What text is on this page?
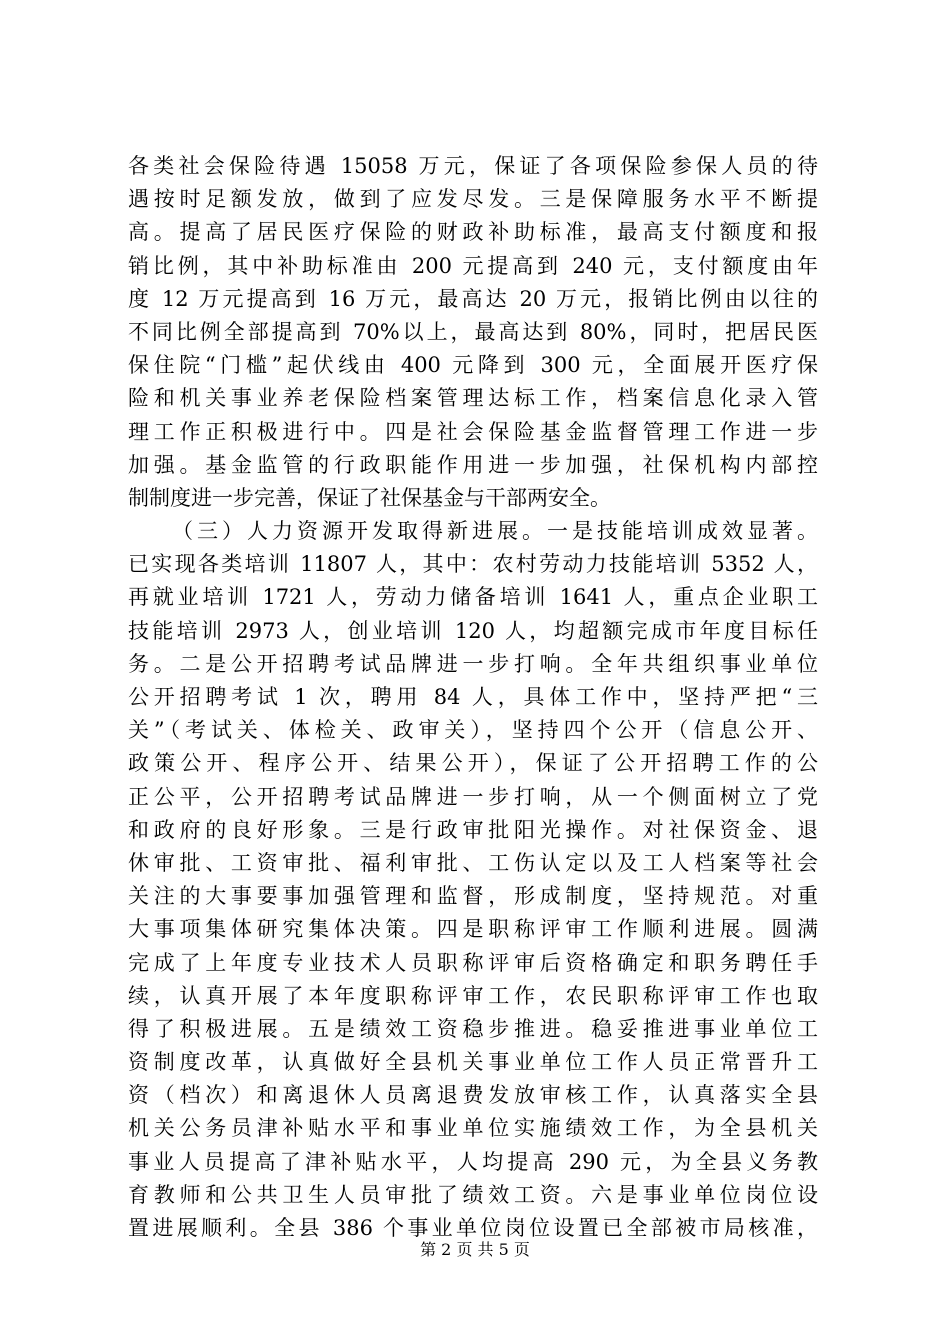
各类社会保险待遇 15058 万元，保证了各项保险参保人员的待
遇按时足额发放，做到了应发尽发。三是保障服务水平不断提
高。提高了居民医疗保险的财政补助标准，最高支付额度和报
销比例，其中补助标准由 200 元提高到 240 元，支付额度由年
度 12 万元提高到 16 万元，最高达 20 万元，报销比例由以往的
不同比例全部提高到 70%以上，最高达到 80%，同时，把居民医
保住院“门槛”起伏线由 400 元降到 300 元，全面展开医疗保
险和机关事业养老保险档案管理达标工作，档案信息化录入管
理工作正积极进行中。四是社会保险基金监督管理工作进一步
加强。基金监管的行政职能作用进一步加强，社保机构内部控
制制度进一步完善，保证了社保基金与干部两安全。
（三）人力资源开发取得新进展。一是技能培训成效显著。
已实现各类培训 11807 人，其中：农村劳动力技能培训 5352 人，
再就业培训 1721 人，劳动力储备培训 1641 人，重点企业职工
技能培训 2973 人，创业培训 120 人，均超额完成市年度目标任
务。二是公开招聘考试品牌进一步打响。全年共组织事业单位
公开招聘考试 1 次，聘用 84 人，具体工作中，坚持严把“三
关”（考试关、体检关、政审关），坚持四个公开（信息公开、
政策公开、程序公开、结果公开），保证了公开招聘工作的公
正公平，公开招聘考试品牌进一步打响，从一个侧面树立了党
和政府的良好形象。三是行政审批阳光操作。对社保资金、退
休审批、工资审批、福利审批、工伤认定以及工人档案等社会
关注的大事要事加强管理和监督，形成制度，坚持规范。对重
大事项集体研究集体决策。四是职称评审工作顺利进展。圆满
完成了上年度专业技术人员职称评审后资格确定和职务聘任手
续，认真开展了本年度职称评审工作，农民职称评审工作也取
得了积极进展。五是绩效工资稳步推进。稳妥推进事业单位工
资制度改革，认真做好全县机关事业单位工作人员正常晋升工
资（档次）和离退休人员离退费发放审核工作，认真落实全县
机关公务员津补贴水平和事业单位实施绩效工作，为全县机关
事业人员提高了津补贴水平，人均提高 290 元，为全县义务教
育教师和公共卫生人员审批了绩效工资。六是事业单位岗位设
置进展顺利。全县 386 个事业单位岗位设置已全部被市局核准，
第 2 页 共 5 页
